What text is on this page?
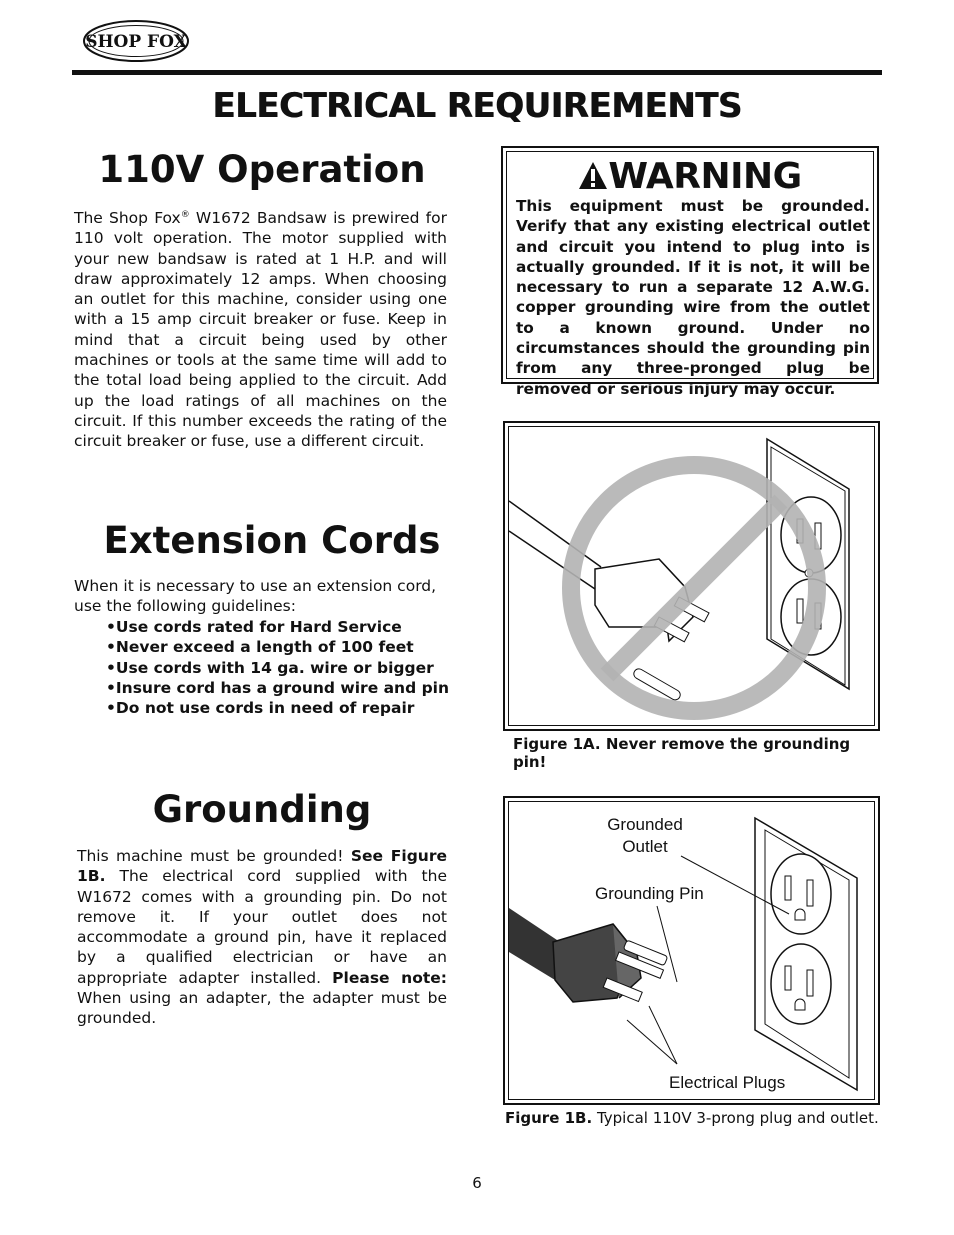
SHOP FOX
ELECTRICAL REQUIREMENTS
110V Operation
The Shop Fox® W1672 Bandsaw is prewired for 110 volt operation. The motor supplied with your new bandsaw is rated at 1 H.P. and will draw approximately 12 amps. When choosing an outlet for this machine, consider using one with a 15 amp circuit breaker or fuse. Keep in mind that a circuit being used by other machines or tools at the same time will add to the total load being applied to the circuit. Add up the load ratings of all machines on the circuit. If this number exceeds the rating of the circuit breaker or fuse, use a different circuit.
WARNING
This equipment must be grounded. Verify that any existing electrical outlet and circuit you intend to plug into is actually grounded. If it is not, it will be necessary to run a separate 12 A.W.G. copper grounding wire from the outlet to a known ground. Under no circumstances should the grounding pin from any three-pronged plug be removed or serious injury may occur.
Extension Cords
When it is necessary to use an extension cord, use the following guidelines:
•Use cords rated for Hard Service
•Never exceed a length of 100 feet
•Use cords with 14 ga. wire or bigger
•Insure cord has a ground wire and pin
•Do not use cords in need of repair
Figure 1A. Never remove the grounding pin!
Grounding
This machine must be grounded! See Figure 1B. The electrical cord supplied with the W1672 comes with a grounding pin. Do not remove it. If your outlet does not accommodate a ground pin, have it replaced by a qualified electrician or have an appropriate adapter installed. Please note: When using an adapter, the adapter must be grounded.
Grounded
Outlet
Grounding Pin
Electrical Plugs
Figure 1B. Typical 110V 3-prong plug and outlet.
6
